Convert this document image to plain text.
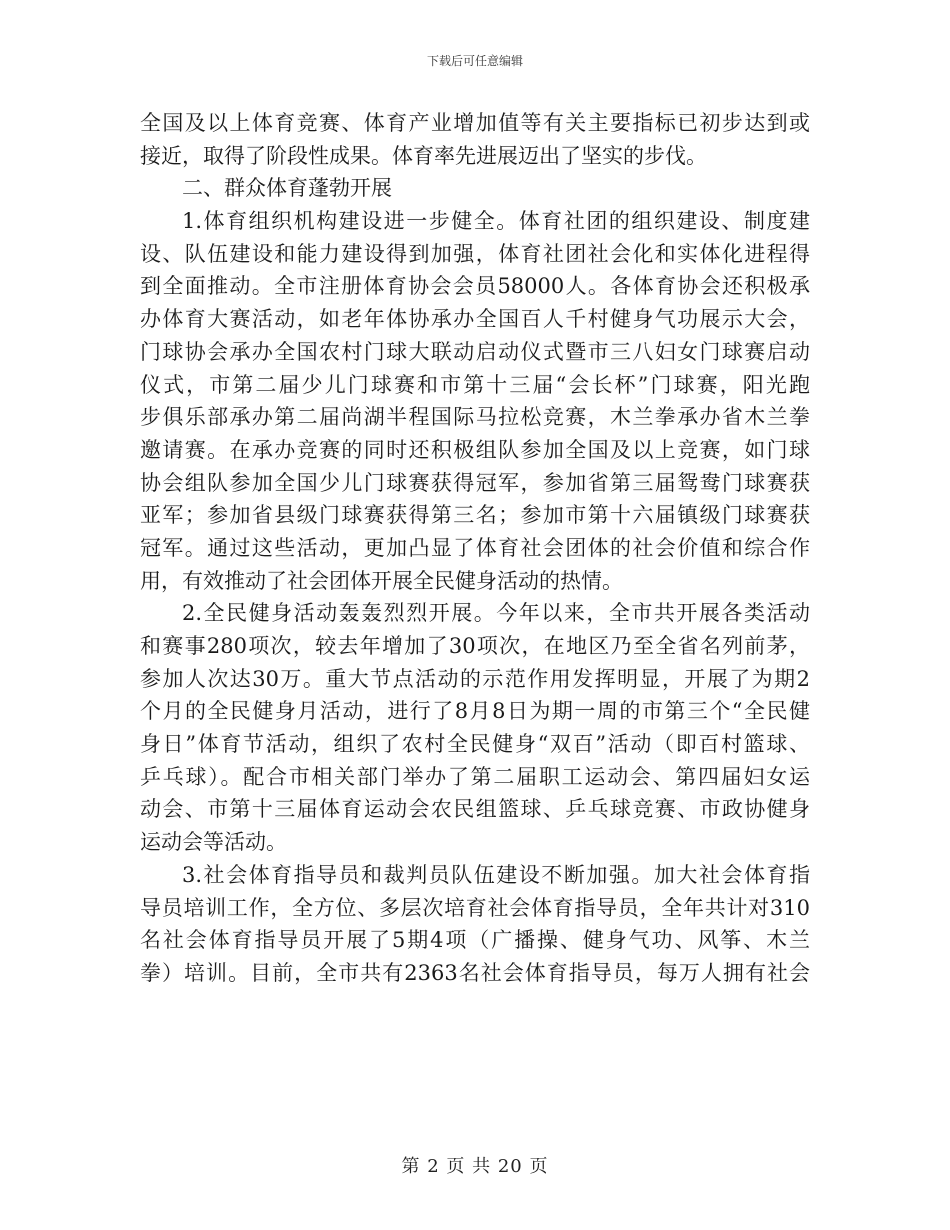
下载后可任意编辑
全国及以上体育竞赛、体育产业增加值等有关主要指标已初步达到或
接近，取得了阶段性成果。体育率先进展迈出了坚实的步伐。
二、群众体育蓬勃开展
1.体育组织机构建设进一步健全。体育社团的组织建设、制度建
设、队伍建设和能力建设得到加强，体育社团社会化和实体化进程得
到全面推动。全市注册体育协会会员58000人。各体育协会还积极承
办体育大赛活动，如老年体协承办全国百人千村健身气功展示大会，
门球协会承办全国农村门球大联动启动仪式暨市三八妇女门球赛启动
仪式，市第二届少儿门球赛和市第十三届“会长杯”门球赛，阳光跑
步俱乐部承办第二届尚湖半程国际马拉松竞赛，木兰拳承办省木兰拳
邀请赛。在承办竞赛的同时还积极组队参加全国及以上竞赛，如门球
协会组队参加全国少儿门球赛获得冠军，参加省第三届鸳鸯门球赛获
亚军；参加省县级门球赛获得第三名；参加市第十六届镇级门球赛获
冠军。通过这些活动，更加凸显了体育社会团体的社会价值和综合作
用，有效推动了社会团体开展全民健身活动的热情。
2.全民健身活动轰轰烈烈开展。今年以来，全市共开展各类活动
和赛事280项次，较去年增加了30项次，在地区乃至全省名列前茅，
参加人次达30万。重大节点活动的示范作用发挥明显，开展了为期2
个月的全民健身月活动，进行了8月8日为期一周的市第三个“全民健
身日”体育节活动，组织了农村全民健身“双百”活动（即百村篮球、
乒乓球）。配合市相关部门举办了第二届职工运动会、第四届妇女运
动会、市第十三届体育运动会农民组篮球、乒乓球竞赛、市政协健身
运动会等活动。
3.社会体育指导员和裁判员队伍建设不断加强。加大社会体育指
导员培训工作，全方位、多层次培育社会体育指导员，全年共计对310
名社会体育指导员开展了5期4项（广播操、健身气功、风筝、木兰
拳）培训。目前，全市共有2363名社会体育指导员，每万人拥有社会
第 2 页 共 20 页
